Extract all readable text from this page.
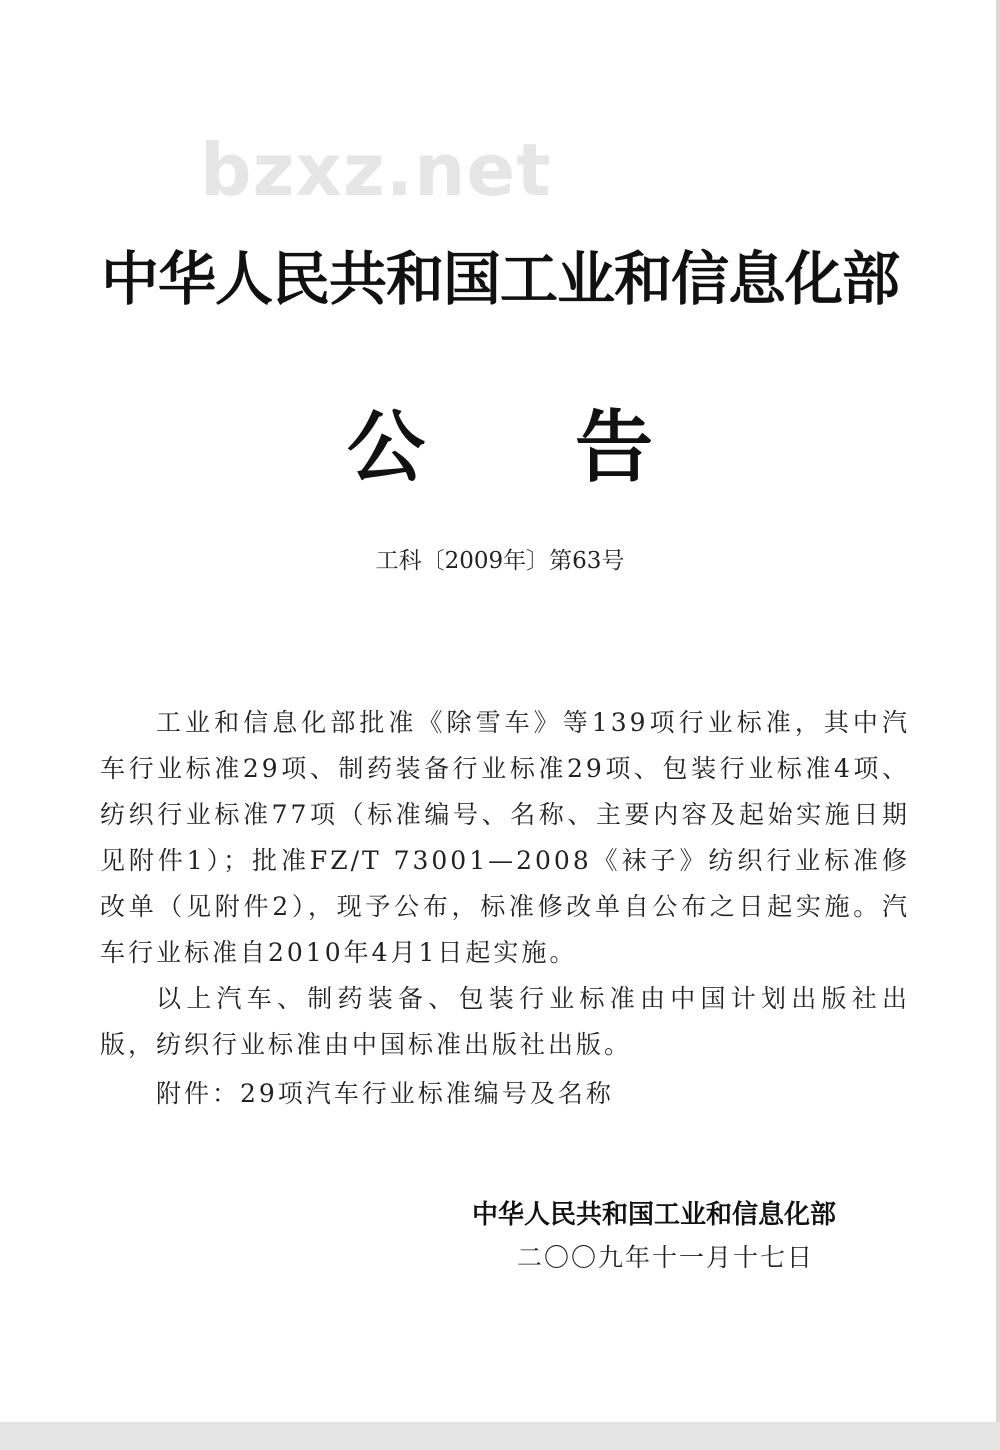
bzxz.net
中华人民共和国工业和信息化部
公告
工科〔2009年〕第63号

工业和信息化部批准《除雪车》等139项行业标准，其中汽车行业标准29项、制药装备行业标准29项、包装行业标准4项、纺织行业标准77项（标准编号、名称、主要内容及起始实施日期见附件1）；批准FZ/T 73001—2008《袜子》纺织行业标准修改单（见附件2），现予公布，标准修改单自公布之日起实施。汽车行业标准自2010年4月1日起实施。

以上汽车、制药装备、包装行业标准由中国计划出版社出版，纺织行业标准由中国标准出版社出版。

附件：29项汽车行业标准编号及名称
中华人民共和国工业和信息化部
二〇〇九年十一月十七日
